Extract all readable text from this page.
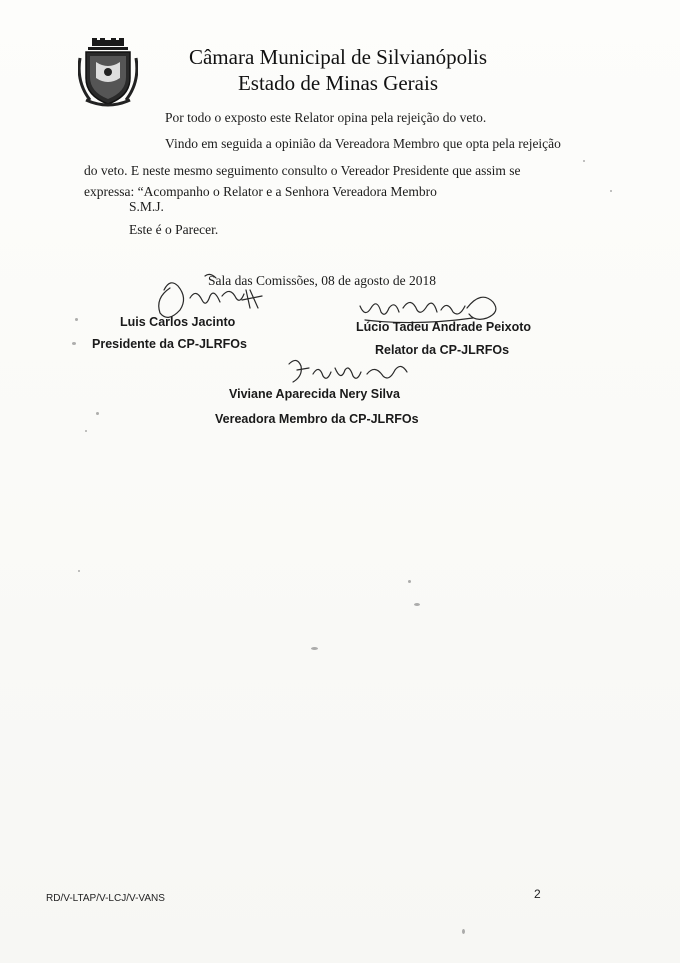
Câmara Municipal de Silvianópolis
Estado de Minas Gerais
Por todo o exposto este Relator opina pela rejeição do veto.
Vindo em seguida a opinião da Vereadora Membro que opta pela rejeição
do veto. E neste mesmo seguimento consulto o Vereador Presidente que assim se
expressa: “Acompanho o Relator e a Senhora Vereadora Membro
S.M.J.
Este é o Parecer.
Sala das Comissões, 08 de agosto de 2018
Luis Carlos Jacinto
Presidente da CP-JLRFOs
Lúcio Tadeu Andrade Peixoto
Relator da CP-JLRFOs
Viviane Aparecida Nery Silva
Vereadora Membro da CP-JLRFOs
RD/V-LTAP/V-LCJ/V-VANS	2
